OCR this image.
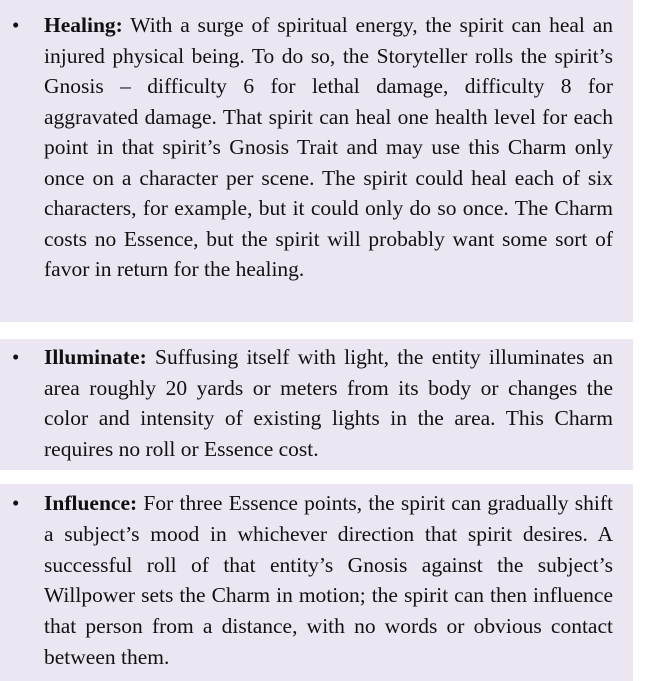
• Healing: With a surge of spiritual energy, the spirit can heal an injured physical being. To do so, the Storyteller rolls the spirit’s Gnosis – difficulty 6 for lethal damage, difficulty 8 for aggravated damage. That spirit can heal one health level for each point in that spirit’s Gnosis Trait and may use this Charm only once on a character per scene. The spirit could heal each of six characters, for example, but it could only do so once. The Charm costs no Essence, but the spirit will probably want some sort of favor in return for the healing.

• Illuminate: Suffusing itself with light, the entity illuminates an area roughly 20 yards or meters from its body or changes the color and intensity of existing lights in the area. This Charm requires no roll or Essence cost.

• Influence: For three Essence points, the spirit can gradually shift a subject’s mood in whichever direction that spirit desires. A successful roll of that entity’s Gnosis against the subject’s Willpower sets the Charm in motion; the spirit can then influence that person from a distance, with no words or obvious contact between them.
